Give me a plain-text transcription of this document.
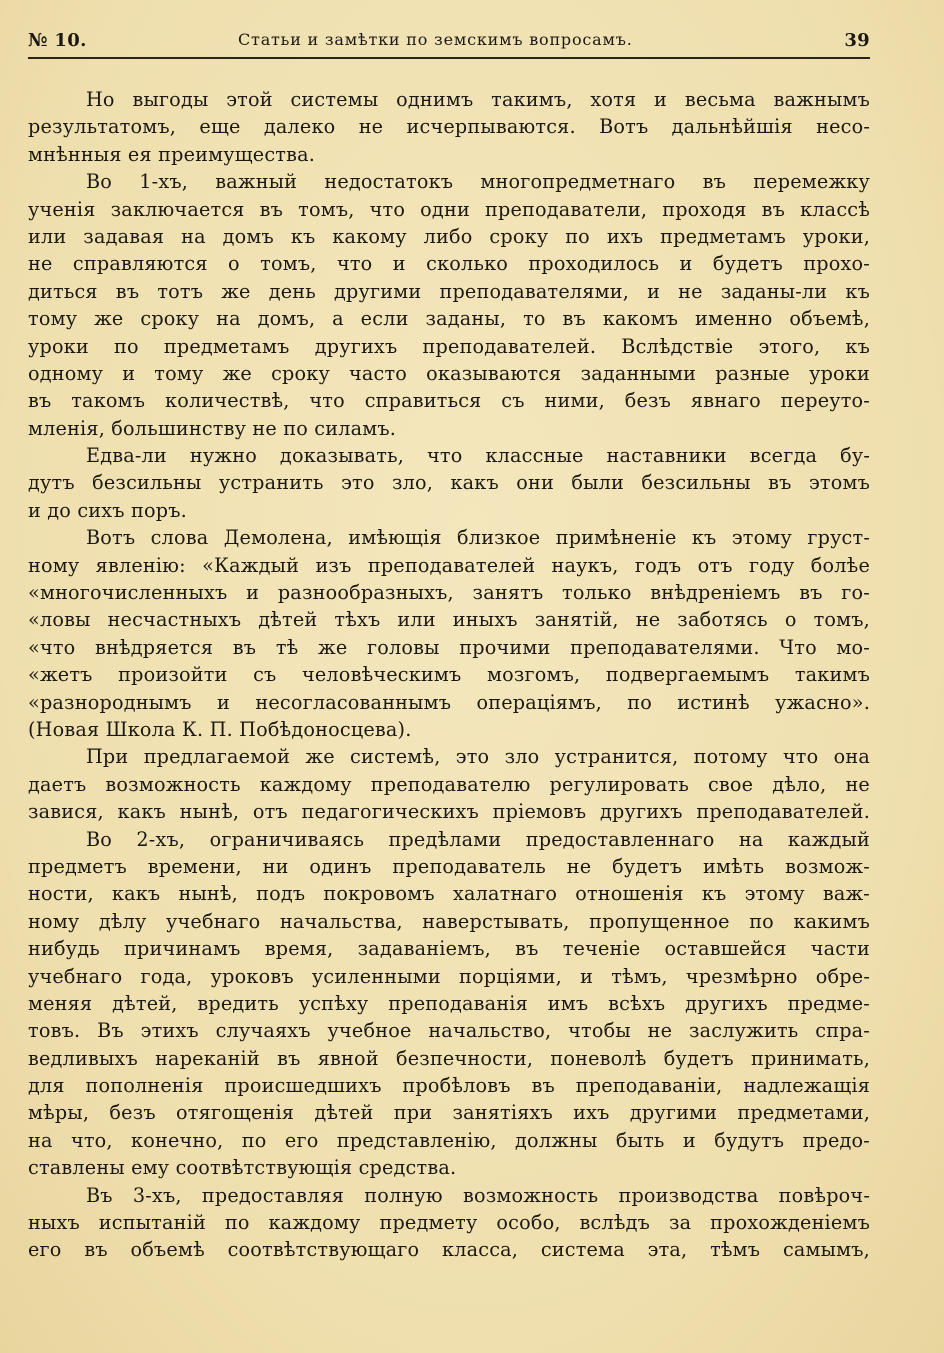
№ 10.	Статьи и замѣтки по земскимъ вопросамъ.	39
Но выгоды этой системы однимъ такимъ, хотя и весьма важнымъ
результатомъ, еще далеко не исчерпываются. Вотъ дальнѣйшія несо-
мнѣнныя ея преимущества.
Во 1-хъ, важный недостатокъ многопредметнаго въ перемежку
ученія заключается въ томъ, что одни преподаватели, проходя въ классѣ
или задавая на домъ къ какому либо сроку по ихъ предметамъ уроки,
не справляются о томъ, что и сколько проходилось и будетъ прохо-
диться въ тотъ же день другими преподавателями, и не заданы-ли къ
тому же сроку на домъ, а если заданы, то въ какомъ именно объемѣ,
уроки по предметамъ другихъ преподавателей. Вслѣдствіе этого, къ
одному и тому же сроку часто оказываются заданными разные уроки
въ такомъ количествѣ, что справиться съ ними, безъ явнаго переуто-
мленія, большинству не по силамъ.
Едва-ли нужно доказывать, что классные наставники всегда бу-
дутъ безсильны устранить это зло, какъ они были безсильны въ этомъ
и до сихъ поръ.
Вотъ слова Демолена, имѣющія близкое примѣненіе къ этому груст-
ному явленію: «Каждый изъ преподавателей наукъ, годъ отъ году болѣе
«многочисленныхъ и разнообразныхъ, занятъ только внѣдреніемъ въ го-
«ловы несчастныхъ дѣтей тѣхъ или иныхъ занятій, не заботясь о томъ,
«что внѣдряется въ тѣ же головы прочими преподавателями. Что мо-
«жетъ произойти съ человѣческимъ мозгомъ, подвергаемымъ такимъ
«разнороднымъ и несогласованнымъ операціямъ, по истинѣ ужасно».
(Новая Школа К. П. Побѣдоносцева).
При предлагаемой же системѣ, это зло устранится, потому что она
даетъ возможность каждому преподавателю регулировать свое дѣло, не
завися, какъ нынѣ, отъ педагогическихъ пріемовъ другихъ преподавателей.
Во 2-хъ, ограничиваясь предѣлами предоставленнаго на каждый
предметъ времени, ни одинъ преподаватель не будетъ имѣть возмож-
ности, какъ нынѣ, подъ покровомъ халатнаго отношенія къ этому важ-
ному дѣлу учебнаго начальства, наверстывать, пропущенное по какимъ
нибудь причинамъ время, задаваніемъ, въ теченіе оставшейся части
учебнаго года, уроковъ усиленными порціями, и тѣмъ, чрезмѣрно обре-
меняя дѣтей, вредить успѣху преподаванія имъ всѣхъ другихъ предме-
товъ. Въ этихъ случаяхъ учебное начальство, чтобы не заслужить спра-
ведливыхъ нареканій въ явной безпечности, поневолѣ будетъ принимать,
для пополненія происшедшихъ пробѣловъ въ преподаваніи, надлежащія
мѣры, безъ отягощенія дѣтей при занятіяхъ ихъ другими предметами,
на что, конечно, по его представленію, должны быть и будутъ предо-
ставлены ему соотвѣтствующія средства.
Въ 3-хъ, предоставляя полную возможность производства повѣроч-
ныхъ испытаній по каждому предмету особо, вслѣдъ за прохожденіемъ
его въ объемѣ соотвѣтствующаго класса, система эта, тѣмъ самымъ,
